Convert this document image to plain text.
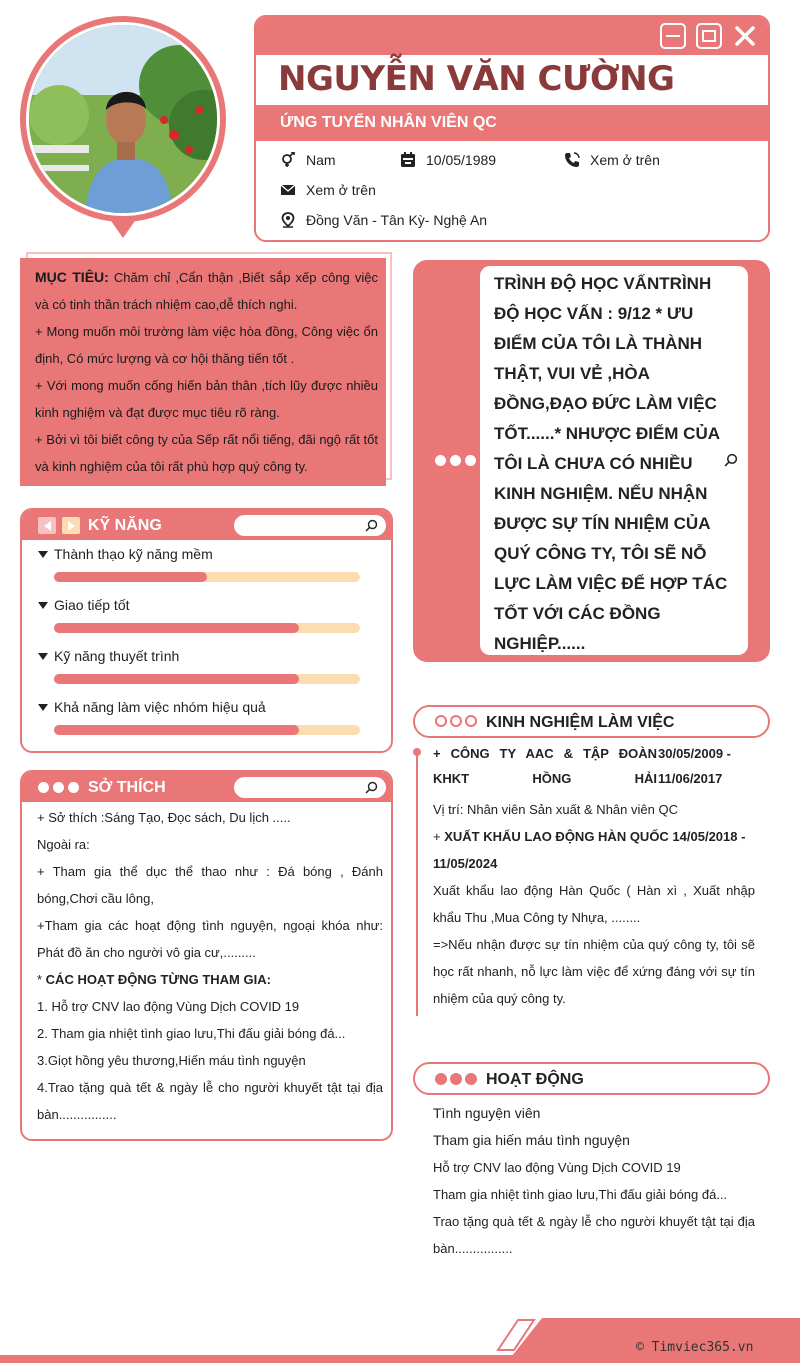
NGUYỄN VĂN CƯỜNG
ỨNG TUYỂN NHÂN VIÊN QC
Nam	10/05/1989	Xem ở trên
Xem ở trên
Đồng Văn - Tân Kỳ- Nghệ An

MỤC TIÊU: Chăm chỉ ,Cẩn thận ,Biết sắp xếp công việc và có tinh thần trách nhiệm cao,dễ thích nghi.

+ Mong muốn môi trường làm việc hòa đồng, Công việc ổn định, Có mức lượng và cơ hội thăng tiến tốt .

+ Với mong muốn cống hiến bản thân ,tích lũy được nhiều kinh nghiệm và đạt được mục tiêu rõ ràng.

+ Bởi vì tôi biết công ty của Sếp rất nổi tiếng, đãi ngộ rất tốt và kinh nghiệm của tôi rất phù hợp quý công ty.

KỸ NĂNG
Thành thạo kỹ năng mềm
Giao tiếp tốt
Kỹ năng thuyết trình
Khả năng làm việc nhóm hiệu quả
SỞ THÍCH
+ Sở thích :Sáng Tạo, Đọc sách, Du lịch .....
Ngoài ra:
+ Tham gia thể dục thể thao như : Đá bóng , Đánh bóng,Chơi cầu lông,
+Tham gia các hoạt động tình nguyện, ngoại khóa như: Phát đồ ăn cho người vô gia cư,.........
* CÁC HOẠT ĐỘNG TỪNG THAM GIA:
1. Hỗ trợ CNV lao động Vùng Dịch COVID 19
2. Tham gia nhiệt tình giao lưu,Thi đấu giải bóng đá...
3.Giọt hồng yêu thương,Hiến máu tình nguyện
4.Trao tặng quà tết & ngày lễ cho người khuyết tật tại địa bàn................
TRÌNH ĐỘ HỌC VẤNTRÌNH ĐỘ HỌC VẤN : 9/12 * ƯU ĐIỂM CỦA TÔI LÀ THÀNH THẬT, VUI VẺ ,HÒA ĐỒNG,ĐẠO ĐỨC LÀM VIỆC TỐT......* NHƯỢC ĐIỂM CỦA TÔI LÀ CHƯA CÓ NHIỀU KINH NGHIỆM. NẾU NHẬN ĐƯỢC SỰ TÍN NHIỆM CỦA QUÝ CÔNG TY, TÔI SẼ NỖ LỰC LÀM VIỆC ĐỂ HỢP TÁC TỐT VỚI CÁC ĐỒNG NGHIỆP......
KINH NGHIỆM LÀM VIỆC
+ CÔNG TY AAC & TẬP ĐOÀN KHKT HỒNG HẢI
30/05/2009 - 11/06/2017
Vị trí: Nhân viên Sản xuất & Nhân viên QC
+ XUẤT KHẨU LAO ĐỘNG HÀN QUỐC 14/05/2018 - 11/05/2024
Xuất khẩu lao động Hàn Quốc ( Hàn xì , Xuất nhập khẩu Thu ,Mua Công ty Nhựa, ........
=>Nếu nhận được sự tín nhiệm của quý công ty, tôi sẽ học rất nhanh, nỗ lực làm việc để xứng đáng với sự tín nhiệm của quý công ty.
HOẠT ĐỘNG
Tình nguyện viên
Tham gia hiến máu tình nguyện
Hỗ trợ CNV lao động Vùng Dịch COVID 19
Tham gia nhiệt tình giao lưu,Thi đấu giải bóng đá...
Trao tặng quà tết & ngày lễ cho người khuyết tật tại địa bàn................
© Timviec365.vn
